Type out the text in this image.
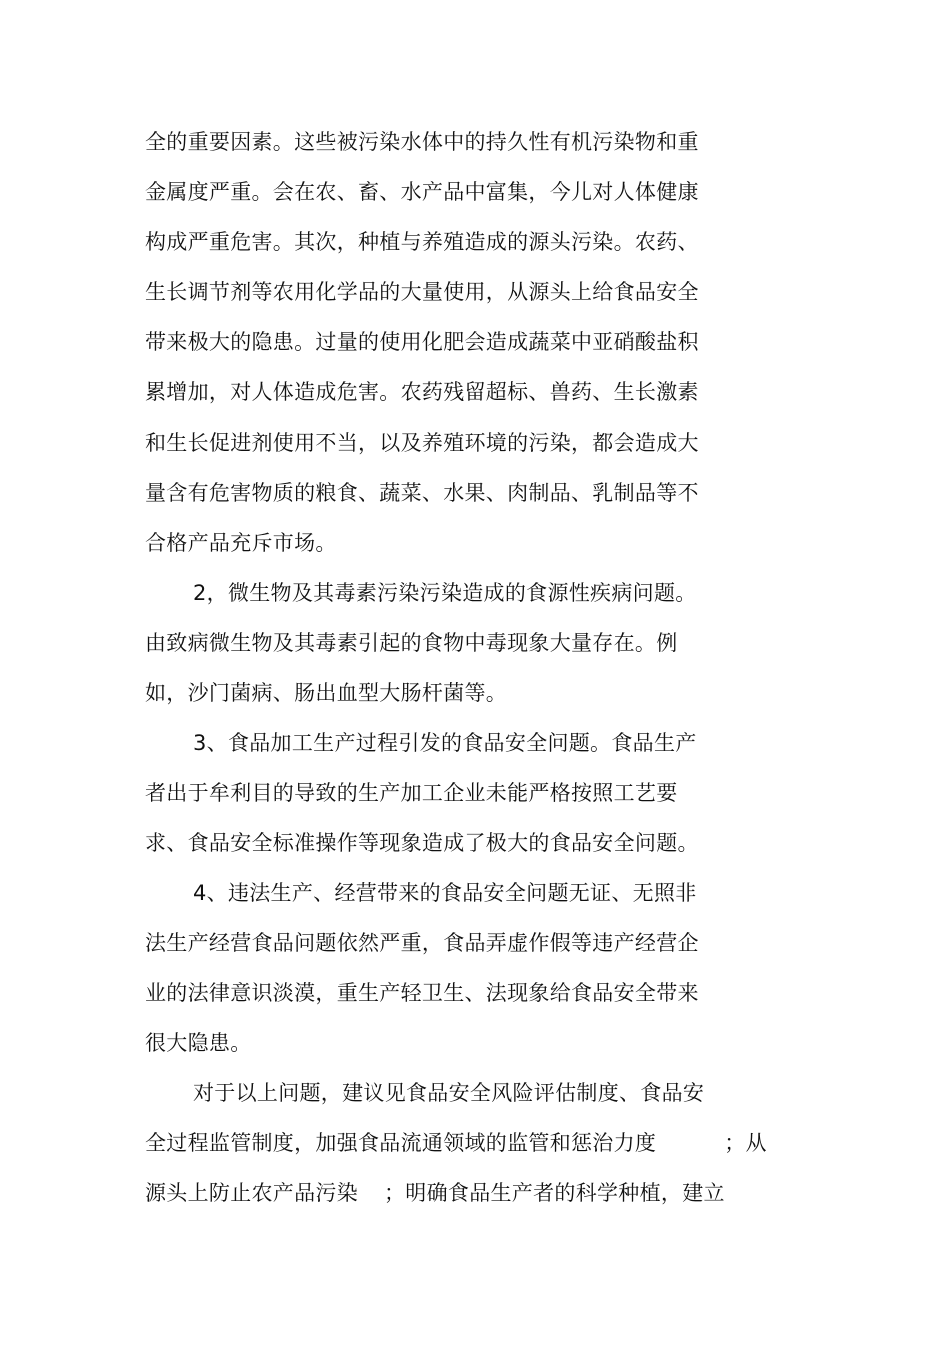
全的重要因素。这些被污染水体中的持久性有机污染物和重
金属度严重。会在农、畜、水产品中富集，今儿对人体健康
构成严重危害。其次，种植与养殖造成的源头污染。农药、
生长调节剂等农用化学品的大量使用，从源头上给食品安全
带来极大的隐患。过量的使用化肥会造成蔬菜中亚硝酸盐积
累增加，对人体造成危害。农药残留超标、兽药、生长激素
和生长促进剂使用不当，以及养殖环境的污染，都会造成大
量含有危害物质的粮食、蔬菜、水果、肉制品、乳制品等不
合格产品充斥市场。
2，微生物及其毒素污染污染造成的食源性疾病问题。
由致病微生物及其毒素引起的食物中毒现象大量存在。例
如，沙门菌病、肠出血型大肠杆菌等。
3、食品加工生产过程引发的食品安全问题。食品生产
者出于牟利目的导致的生产加工企业未能严格按照工艺要
求、食品安全标准操作等现象造成了极大的食品安全问题。
4、违法生产、经营带来的食品安全问题无证、无照非
法生产经营食品问题依然严重，食品弄虚作假等违产经营企
业的法律意识淡漠，重生产轻卫生、法现象给食品安全带来
很大隐患。
对于以上问题，建议见食品安全风险评估制度、食品安
全过程监管制度，加强食品流通领域的监管和惩治力度	；从
源头上防止农产品污染 ；明确食品生产者的科学种植，建立
